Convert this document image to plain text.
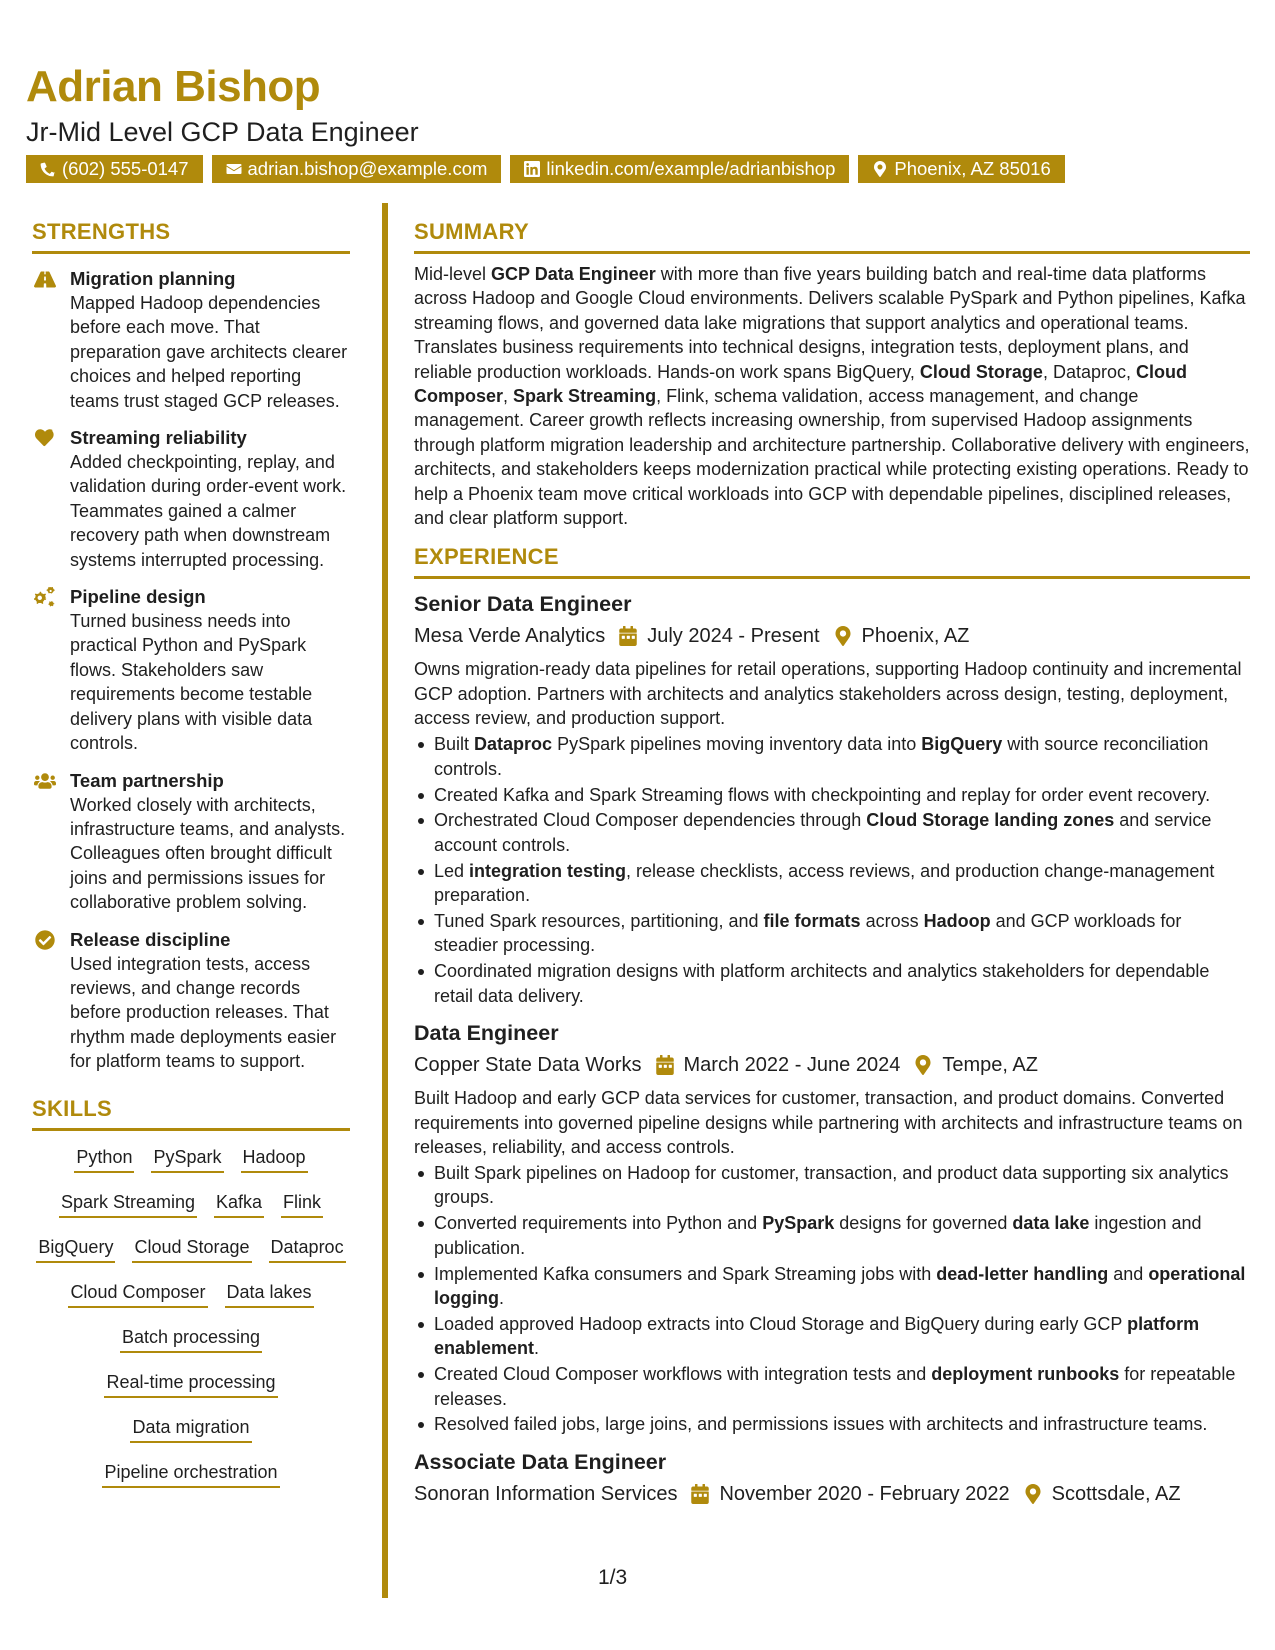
Adrian Bishop
Jr-Mid Level GCP Data Engineer
(602) 555-0147	adrian.bishop@example.com	linkedin.com/example/adrianbishop	Phoenix, AZ 85016
STRENGTHS
Migration planning
Mapped Hadoop dependencies before each move. That preparation gave architects clearer choices and helped reporting teams trust staged GCP releases.
Streaming reliability
Added checkpointing, replay, and validation during order-event work. Teammates gained a calmer recovery path when downstream systems interrupted processing.
Pipeline design
Turned business needs into practical Python and PySpark flows. Stakeholders saw requirements become testable delivery plans with visible data controls.
Team partnership
Worked closely with architects, infrastructure teams, and analysts. Colleagues often brought difficult joins and permissions issues for collaborative problem solving.
Release discipline
Used integration tests, access reviews, and change records before production releases. That rhythm made deployments easier for platform teams to support.
SKILLS
Python PySpark Hadoop
Spark Streaming Kafka Flink
BigQuery Cloud Storage Dataproc
Cloud Composer Data lakes
Batch processing
Real-time processing
Data migration
Pipeline orchestration
SUMMARY
Mid-level GCP Data Engineer with more than five years building batch and real-time data platforms across Hadoop and Google Cloud environments. Delivers scalable PySpark and Python pipelines, Kafka streaming flows, and governed data lake migrations that support analytics and operational teams. Translates business requirements into technical designs, integration tests, deployment plans, and reliable production workloads. Hands-on work spans BigQuery, Cloud Storage, Dataproc, Cloud Composer, Spark Streaming, Flink, schema validation, access management, and change management. Career growth reflects increasing ownership, from supervised Hadoop assignments through platform migration leadership and architecture partnership. Collaborative delivery with engineers, architects, and stakeholders keeps modernization practical while protecting existing operations. Ready to help a Phoenix team move critical workloads into GCP with dependable pipelines, disciplined releases, and clear platform support.
EXPERIENCE
Senior Data Engineer
Mesa Verde Analytics July 2024 - Present Phoenix, AZ
Owns migration-ready data pipelines for retail operations, supporting Hadoop continuity and incremental GCP adoption. Partners with architects and analytics stakeholders across design, testing, deployment, access review, and production support.
Built Dataproc PySpark pipelines moving inventory data into BigQuery with source reconciliation controls.
Created Kafka and Spark Streaming flows with checkpointing and replay for order event recovery.
Orchestrated Cloud Composer dependencies through Cloud Storage landing zones and service account controls.
Led integration testing, release checklists, access reviews, and production change-management preparation.
Tuned Spark resources, partitioning, and file formats across Hadoop and GCP workloads for steadier processing.
Coordinated migration designs with platform architects and analytics stakeholders for dependable retail data delivery.
Data Engineer
Copper State Data Works March 2022 - June 2024 Tempe, AZ
Built Hadoop and early GCP data services for customer, transaction, and product domains. Converted requirements into governed pipeline designs while partnering with architects and infrastructure teams on releases, reliability, and access controls.
Built Spark pipelines on Hadoop for customer, transaction, and product data supporting six analytics groups.
Converted requirements into Python and PySpark designs for governed data lake ingestion and publication.
Implemented Kafka consumers and Spark Streaming jobs with dead-letter handling and operational logging.
Loaded approved Hadoop extracts into Cloud Storage and BigQuery during early GCP platform enablement.
Created Cloud Composer workflows with integration tests and deployment runbooks for repeatable releases.
Resolved failed jobs, large joins, and permissions issues with architects and infrastructure teams.
Associate Data Engineer
Sonoran Information Services November 2020 - February 2022 Scottsdale, AZ
1/3
